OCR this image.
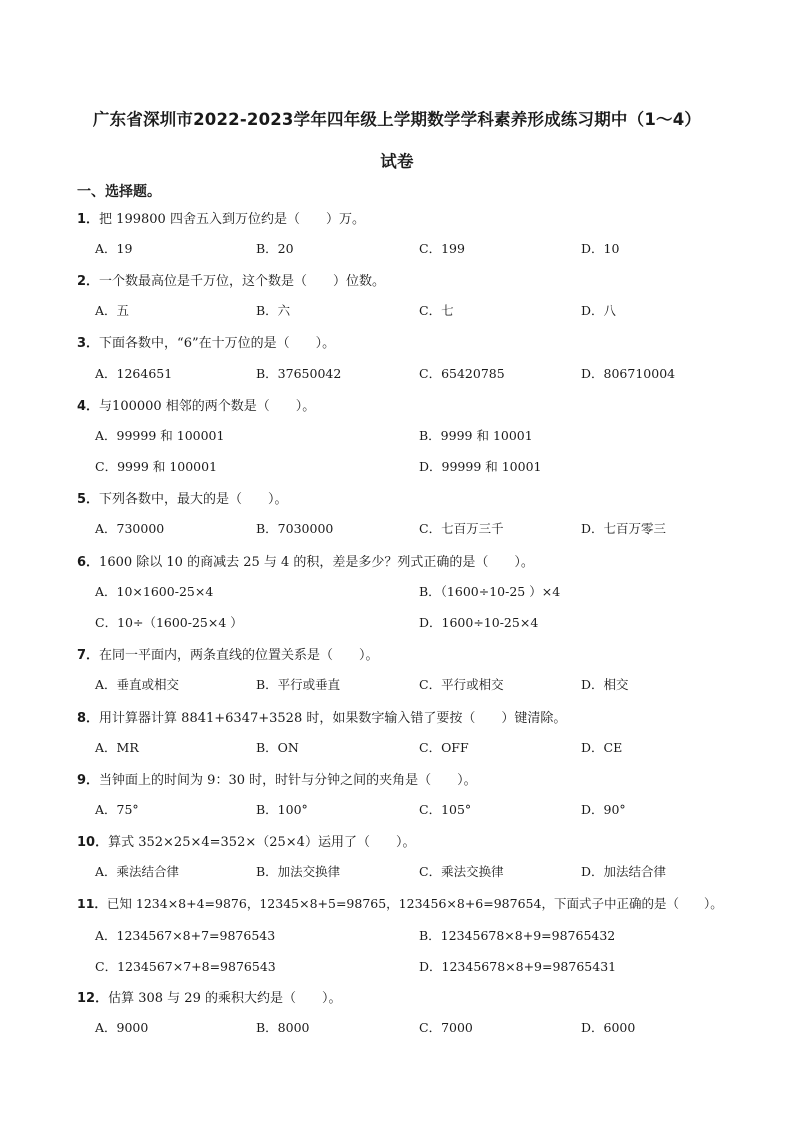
广东省深圳市2022-2023学年四年级上学期数学学科素养形成练习期中（1～4）
试卷
一、选择题。
1．把 199800 四舍五入到万位约是（　　）万。
A．19	B．20	C．199	D．10
2．一个数最高位是千万位，这个数是（　　）位数。
A．五	B．六	C．七	D．八
3．下面各数中，“6”在十万位的是（　　）。
A．1264651	B．37650042	C．65420785	D．806710004
4．与100000 相邻的两个数是（　　）。
A．99999 和 100001	B．9999 和 10001
C．9999 和 100001	D．99999 和 10001
5．下列各数中，最大的是（　　）。
A．730000	B．7030000	C．七百万三千	D．七百万零三
6．1600 除以 10 的商减去 25 与 4 的积，差是多少？列式正确的是（　　）。
A．10×1600-25×4	B．（1600÷10-25 ）×4
C．10÷（1600-25×4 ）	D．1600÷10-25×4
7．在同一平面内，两条直线的位置关系是（　　）。
A．垂直或相交	B．平行或垂直	C．平行或相交	D．相交
8．用计算器计算 8841+6347+3528 时，如果数字输入错了要按（　　）键清除。
A．MR	B．ON	C．OFF	D．CE
9．当钟面上的时间为 9：30 时，时针与分钟之间的夹角是（　　）。
A．75°	B．100°	C．105°	D．90°
10．算式 352×25×4=352×（25×4）运用了（　　）。
A．乘法结合律	B．加法交换律	C．乘法交换律	D．加法结合律
11．已知 1234×8+4=9876，12345×8+5=98765，123456×8+6=987654，下面式子中正确的是（　　）。
A．1234567×8+7=9876543	B．12345678×8+9=98765432
C．1234567×7+8=9876543	D．12345678×8+9=98765431
12．估算 308 与 29 的乘积大约是（　　）。
A．9000	B．8000	C．7000	D．6000
